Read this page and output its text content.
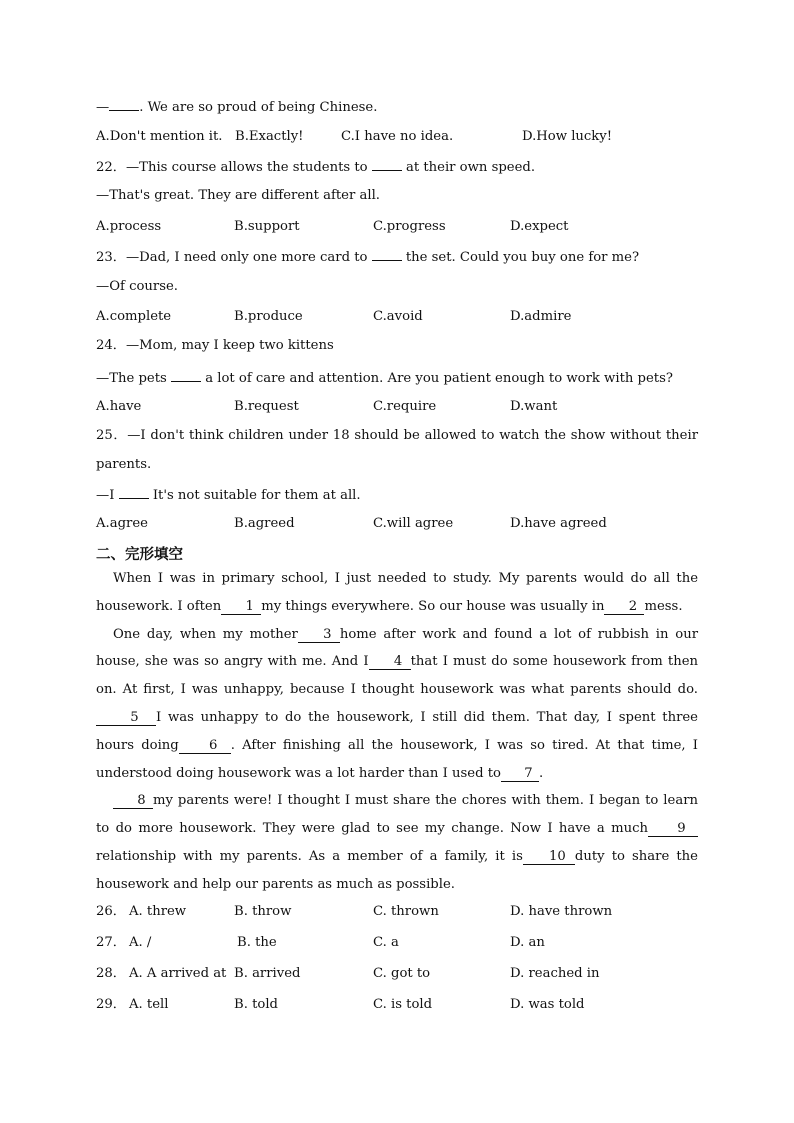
— . We are so proud of being Chinese.
A.Don't mention it. B.Exactly!	C.I have no idea.	D.How lucky!
22．—This course allows the students to	at their own speed.
—That's great. They are different after all.
A.process	B.support	C.progress	D.expect
23．—Dad, I need only one more card to	the set. Could you buy one for me?
—Of course.
A.complete	B.produce	C.avoid	D.admire
24．—Mom, may I keep two kittens
—The pets	a lot of care and attention. Are you patient enough to work with pets?
A.have	B.request	C.require	D.want
25．—I don't think children under 18 should be allowed to watch the show without their
parents.
—I	It's not suitable for them at all.
A.agree	B.agreed	C.will agree	D.have agreed
二、完形填空

When I was in primary school, I just needed to study. My parents would do all the housework. I often 1 my things everywhere. So our house was usually in 2 mess.

One day, when my mother 3 home after work and found a lot of rubbish in our house, she was so angry with me. And I 4 that I must do some housework from then on. At first, I was unhappy, because I thought housework was what parents should do.5 I was unhappy to do the housework, I still did them. That day, I spent three hours doing 6 . After finishing all the housework, I was so tired. At that time, I understood doing housework was a lot harder than I used to 7 .

8 my parents were! I thought I must share the chores with them. I began to learn to do more housework. They were glad to see my change. Now I have a much 9relationship with my parents. As a member of a family, it is 10 duty to share the housework and help our parents as much as possible.

26． A. threw	B. throw	C. thrown	D. have thrown
27． A. /	B. the	C. a	D. an
28． A. A arrived at B. arrived	C. got to	D. reached in
29． A. tell	B. told	C. is told	D. was told
